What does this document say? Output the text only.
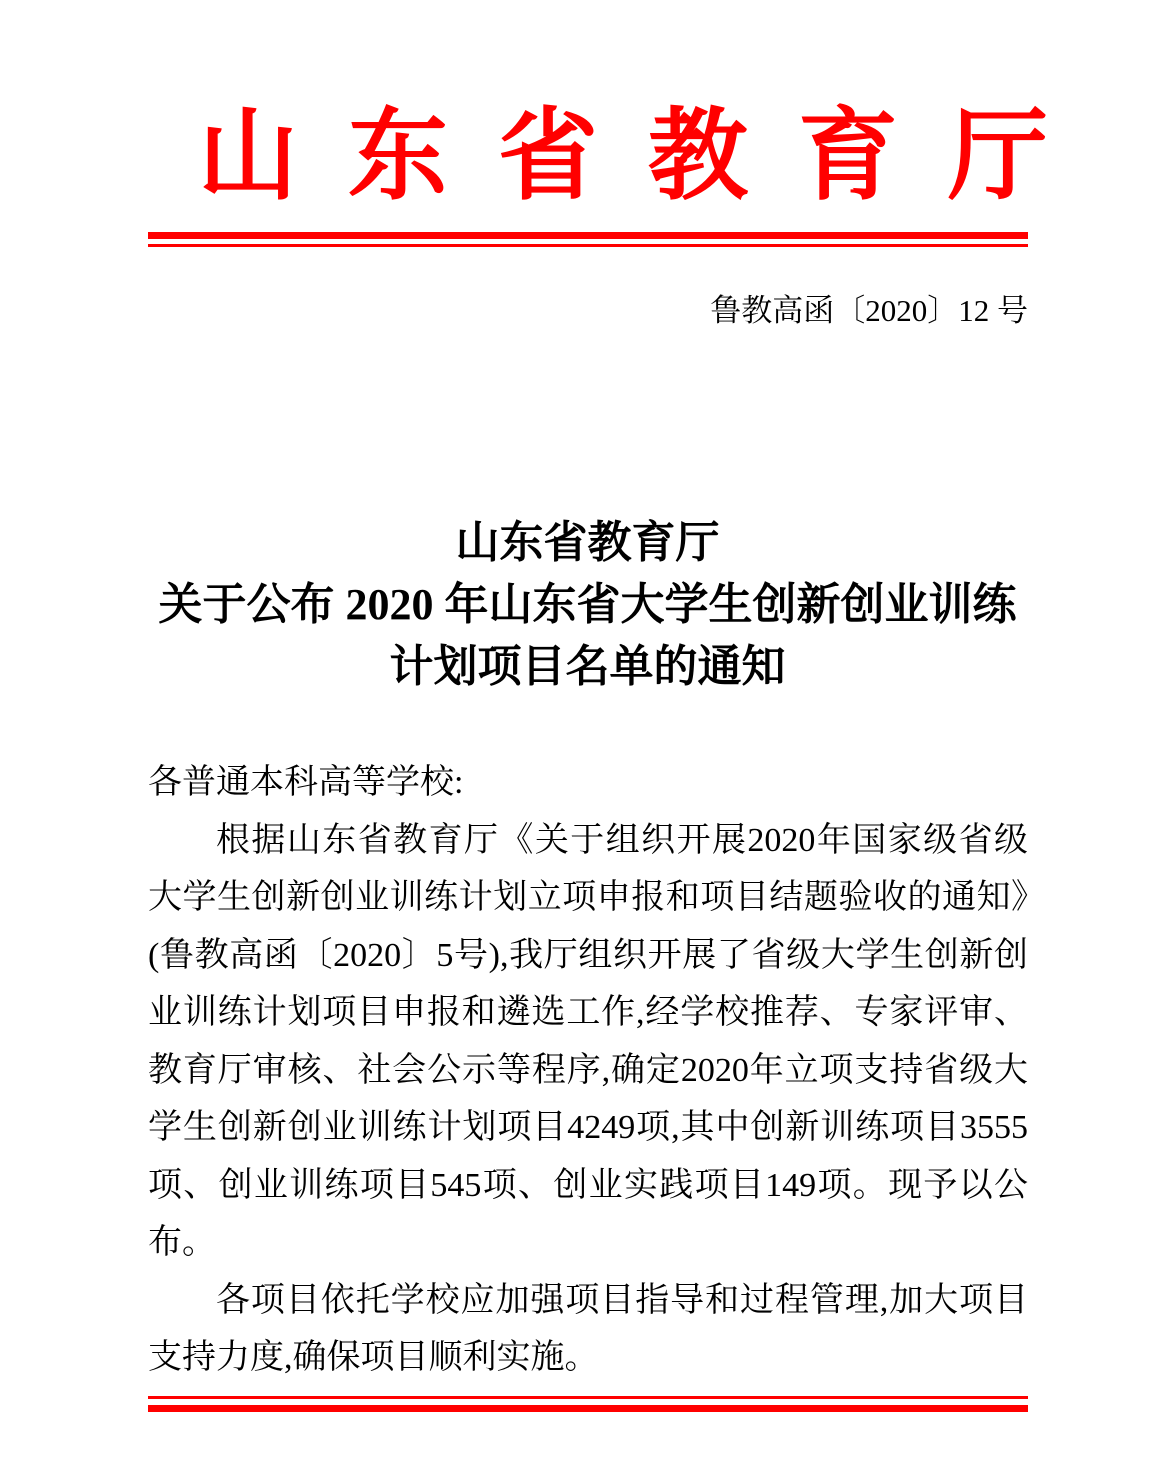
山东省教育厅
鲁教高函〔2020〕12 号
山东省教育厅
关于公布 2020 年山东省大学生创新创业训练
计划项目名单的通知

各普通本科高等学校:

根据山东省教育厅《关于组织开展2020年国家级省级大学生创新创业训练计划立项申报和项目结题验收的通知》(鲁教高函〔2020〕5号),我厅组织开展了省级大学生创新创业训练计划项目申报和遴选工作,经学校推荐、专家评审、教育厅审核、社会公示等程序,确定2020年立项支持省级大学生创新创业训练计划项目4249项,其中创新训练项目3555项、创业训练项目545项、创业实践项目149项。现予以公布。

各项目依托学校应加强项目指导和过程管理,加大项目支持力度,确保项目顺利实施。
